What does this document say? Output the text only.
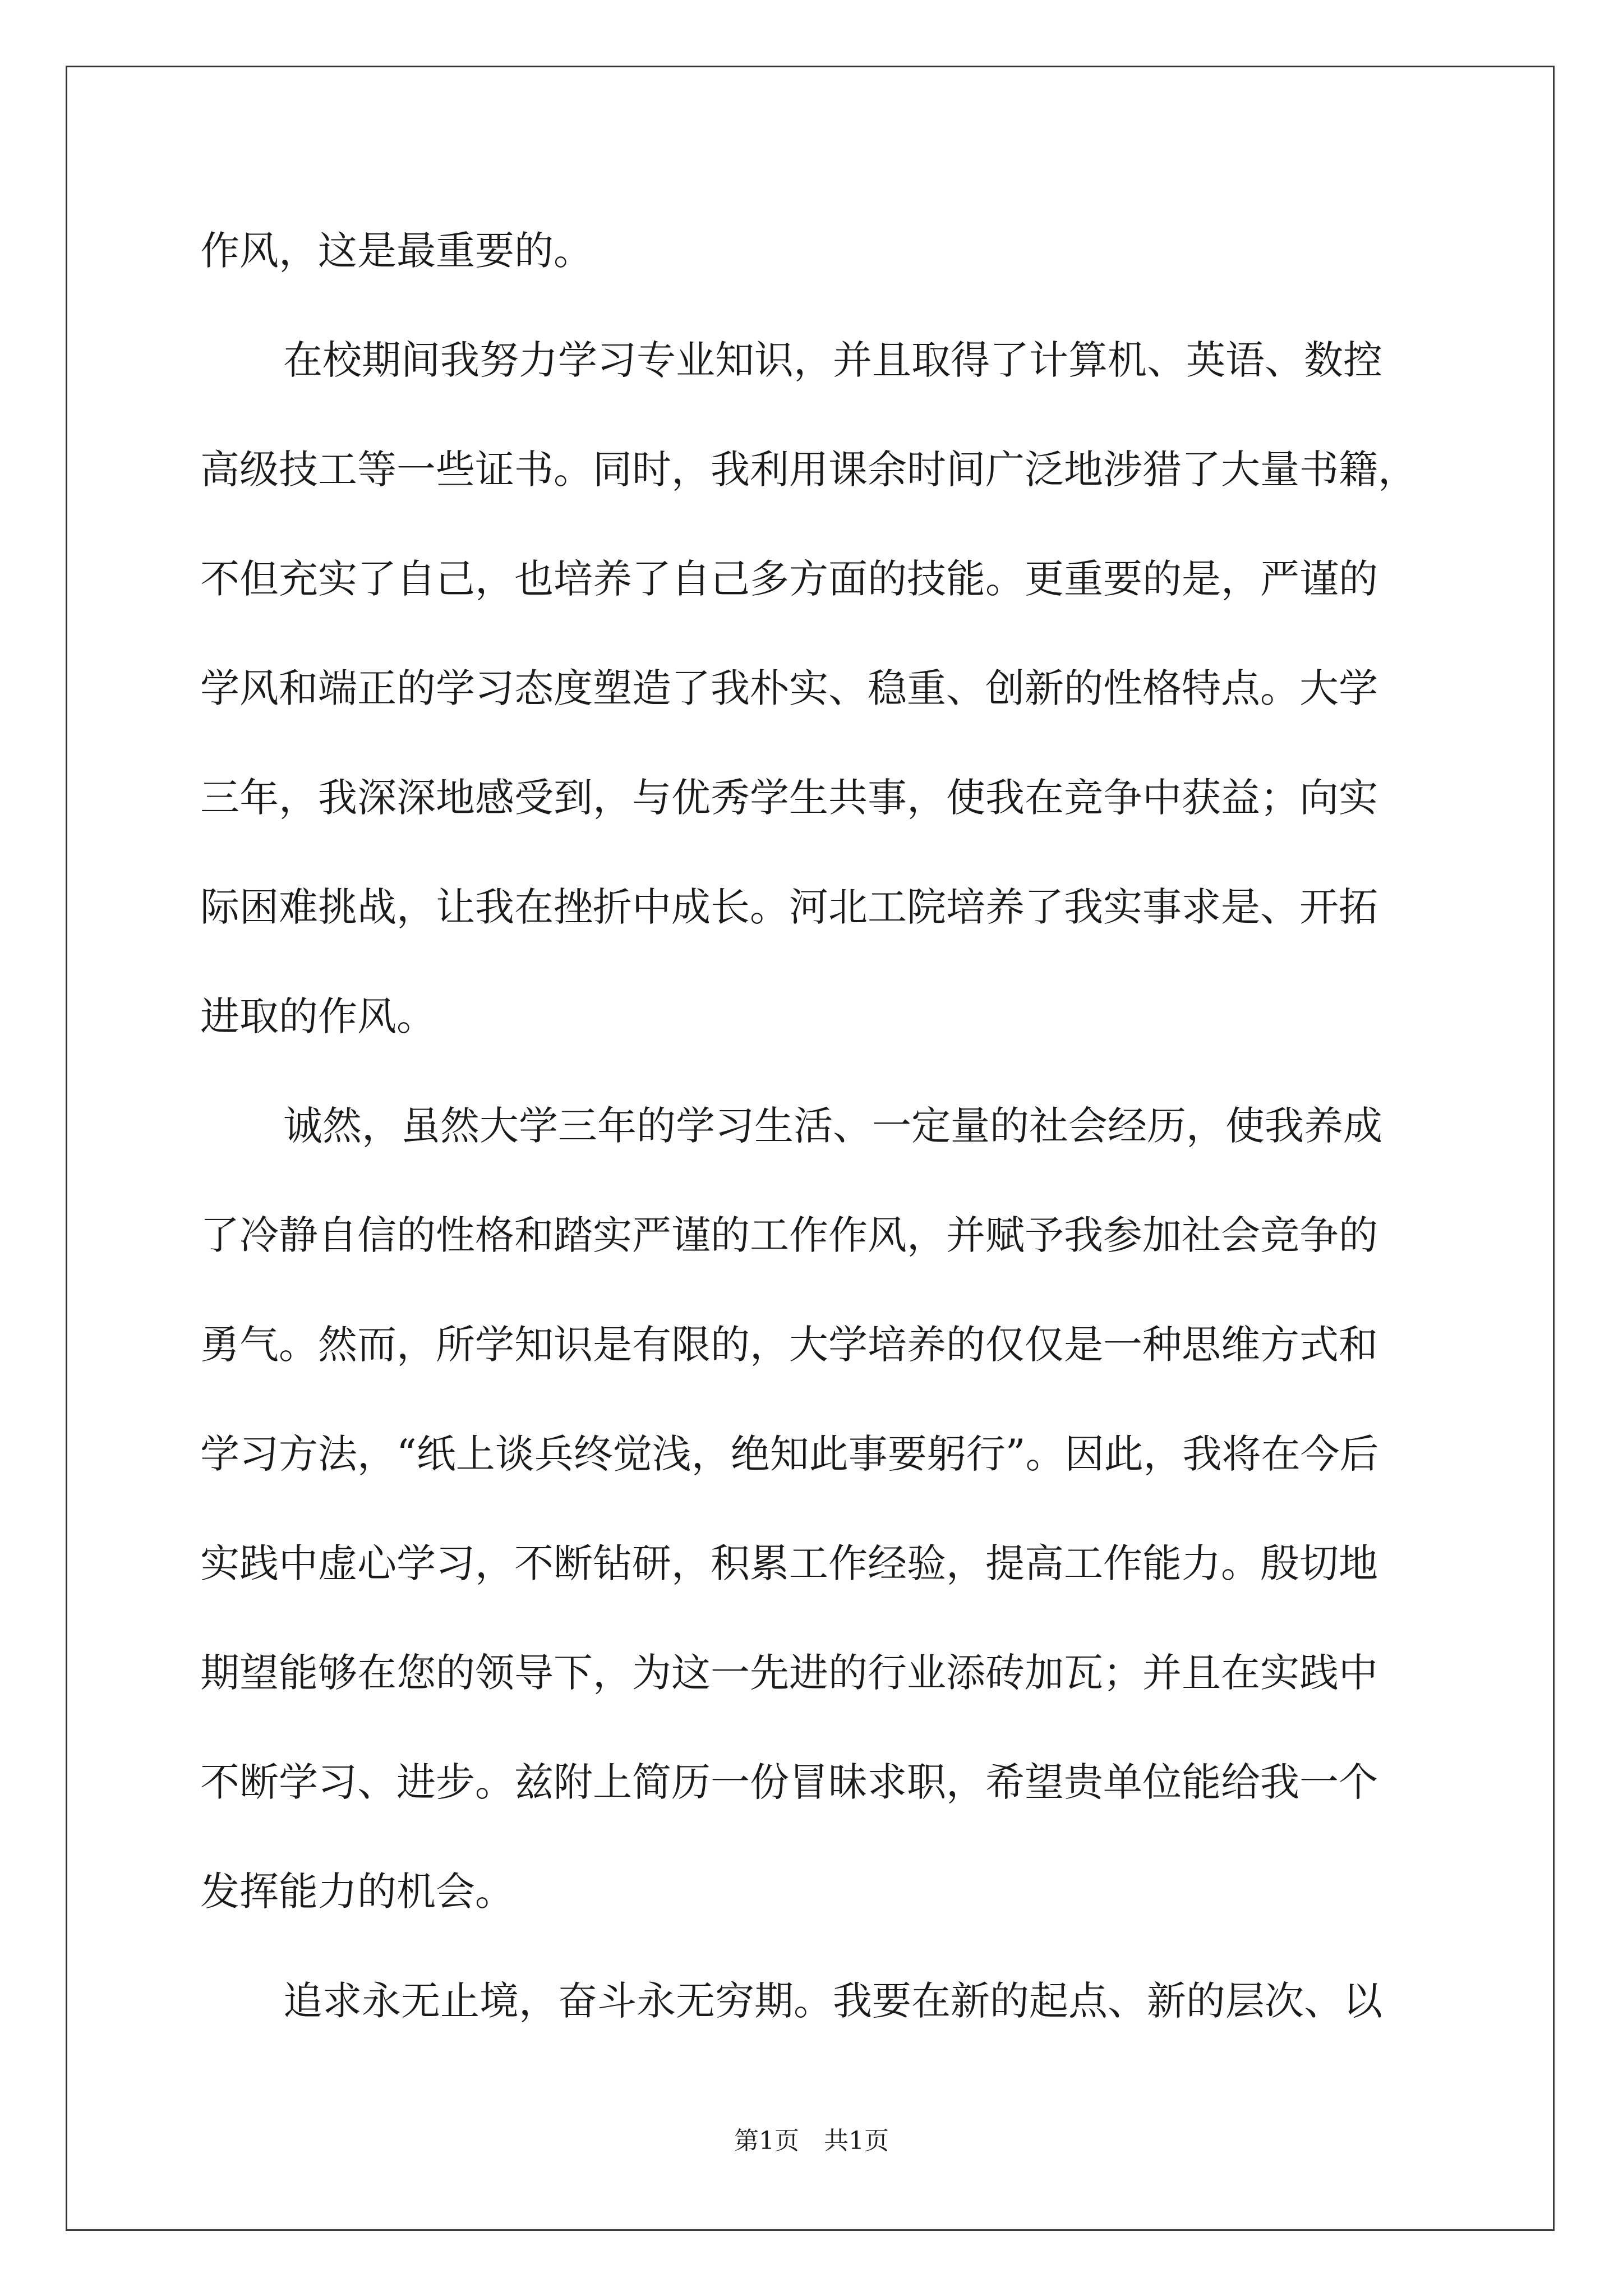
作风，这是最重要的。
在校期间我努力学习专业知识，并且取得了计算机、英语、数控
高级技工等一些证书。同时，我利用课余时间广泛地涉猎了大量书籍，
不但充实了自己，也培养了自己多方面的技能。更重要的是，严谨的
学风和端正的学习态度塑造了我朴实、稳重、创新的性格特点。大学
三年，我深深地感受到，与优秀学生共事，使我在竞争中获益；向实
际困难挑战，让我在挫折中成长。河北工院培养了我实事求是、开拓
进取的作风。
诚然，虽然大学三年的学习生活、一定量的社会经历，使我养成
了冷静自信的性格和踏实严谨的工作作风，并赋予我参加社会竞争的
勇气。然而，所学知识是有限的，大学培养的仅仅是一种思维方式和
学习方法，“纸上谈兵终觉浅，绝知此事要躬行”。因此，我将在今后
实践中虚心学习，不断钻研，积累工作经验，提高工作能力。殷切地
期望能够在您的领导下，为这一先进的行业添砖加瓦；并且在实践中
不断学习、进步。兹附上简历一份冒昧求职，希望贵单位能给我一个
发挥能力的机会。
追求永无止境，奋斗永无穷期。我要在新的起点、新的层次、以
第1页　共1页
